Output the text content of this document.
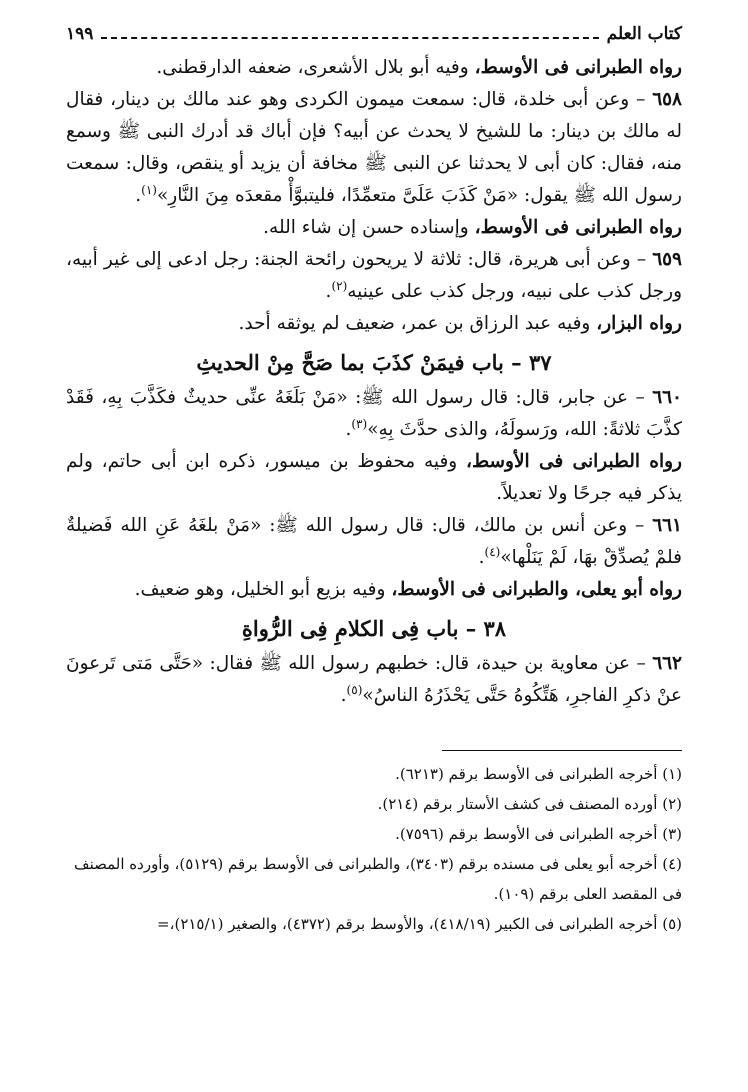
كتاب العلم
١٩٩

رواه الطبرانى فى الأوسط، وفيه أبو بلال الأشعرى، ضعفه الدارقطنى.

٦٥٨ – وعن أبى خلدة، قال: سمعت ميمون الكردى وهو عند مالك بن دينار، فقال له مالك بن دينار: ما للشيخ لا يحدث عن أبيه؟ فإن أباك قد أدرك النبى ﷺ وسمع منه، فقال: كان أبى لا يحدثنا عن النبى ﷺ مخافة أن يزيد أو ينقص، وقال: سمعت رسول الله ﷺ يقول: «مَنْ كَذَبَ عَلَىَّ متعمِّدًا، فليتبوَّأْ مقعدَه مِنَ النَّارِ»$^{(١)}$.

رواه الطبرانى فى الأوسط، وإسناده حسن إن شاء الله.

٦٥٩ – وعن أبى هريرة، قال: ثلاثة لا يريحون رائحة الجنة: رجل ادعى إلى غير أبيه، ورجل كذب على نبيه، ورجل كذب على عينيه$^{(٢)}$.

رواه البزار، وفيه عبد الرزاق بن عمر، ضعيف لم يوثقه أحد.

٣٧ – باب فيمَنْ كذَبَ بما صَحَّ مِنْ الحديثِ

٦٦٠ – عن جابر، قال: قال رسول الله ﷺ: «مَنْ بَلَغَهُ عنِّى حديثٌ فكَذَّبَ بِهِ، فَقَدْ كذَّبَ ثلاثةً: الله، ورَسولَهُ، والذى حدَّثَ بِهِ»$^{(٣)}$.

رواه الطبرانى فى الأوسط، وفيه محفوظ بن ميسور، ذكره ابن أبى حاتم، ولم يذكر فيه جرحًا ولا تعديلاً.

٦٦١ – وعن أنس بن مالك، قال: قال رسول الله ﷺ: «مَنْ بلغَهُ عَنِ الله فَضيلةٌ فلمْ يُصدِّقْ بهَا، لَمْ يَنَلْها»$^{(٤)}$.

رواه أبو يعلى، والطبرانى فى الأوسط، وفيه بزيع أبو الخليل، وهو ضعيف.

٣٨ – باب فِى الكلامِ فِى الرُّواةِ

٦٦٢ – عن معاوية بن حيدة، قال: خطبهم رسول الله ﷺ فقال: «حَتَّى مَتى تَرعونَ عنْ ذكرِ الفاجرِ، هَتِّكُوهُ حَتَّى يَحْذَرُهُ الناسُ»$^{(٥)}$.

(١) أخرجه الطبرانى فى الأوسط برقم (٦٢١٣).

(٢) أورده المصنف فى كشف الأستار برقم (٢١٤).

(٣) أخرجه الطبرانى فى الأوسط برقم (٧٥٩٦).

(٤) أخرجه أبو يعلى فى مسنده برقم (٣٤٠٣)، والطبرانى فى الأوسط برقم (٥١٢٩)، وأورده المصنف فى المقصد العلى برقم (١٠٩).

(٥) أخرجه الطبرانى فى الكبير (٤١٨/١٩)، والأوسط برقم (٤٣٧٢)، والصغير (٢١٥/١)،=
